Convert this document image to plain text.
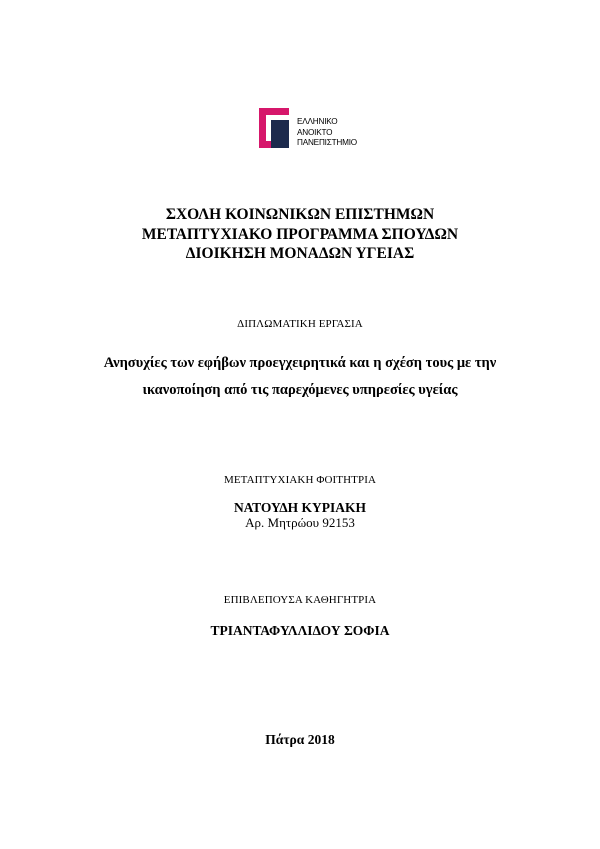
ΕΛΛΗΝΙΚΟ
ΑΝΟΙΚΤΟ
ΠΑΝΕΠΙΣΤΗΜΙΟ
ΣΧΟΛΗ ΚΟΙΝΩΝΙΚΩΝ ΕΠΙΣΤΗΜΩΝ
ΜΕΤΑΠΤΥΧΙΑΚΟ ΠΡΟΓΡΑΜΜΑ ΣΠΟΥΔΩΝ
ΔΙΟΙΚΗΣΗ ΜΟΝΑΔΩΝ ΥΓΕΙΑΣ
ΔΙΠΛΩΜΑΤΙΚΗ ΕΡΓΑΣΙΑ
Ανησυχίες των εφήβων προεγχειρητικά και η σχέση τους με την
ικανοποίηση από τις παρεχόμενες υπηρεσίες υγείας
ΜΕΤΑΠΤΥΧΙΑΚΗ ΦΟΙΤΗΤΡΙΑ
ΝΑΤΟΥΔΗ ΚΥΡΙΑΚΗ
Αρ. Μητρώου 92153
ΕΠΙΒΛΕΠΟΥΣΑ ΚΑΘΗΓΗΤΡΙΑ
ΤΡΙΑΝΤΑΦΥΛΛΙΔΟΥ ΣΟΦΙΑ
Πάτρα 2018
